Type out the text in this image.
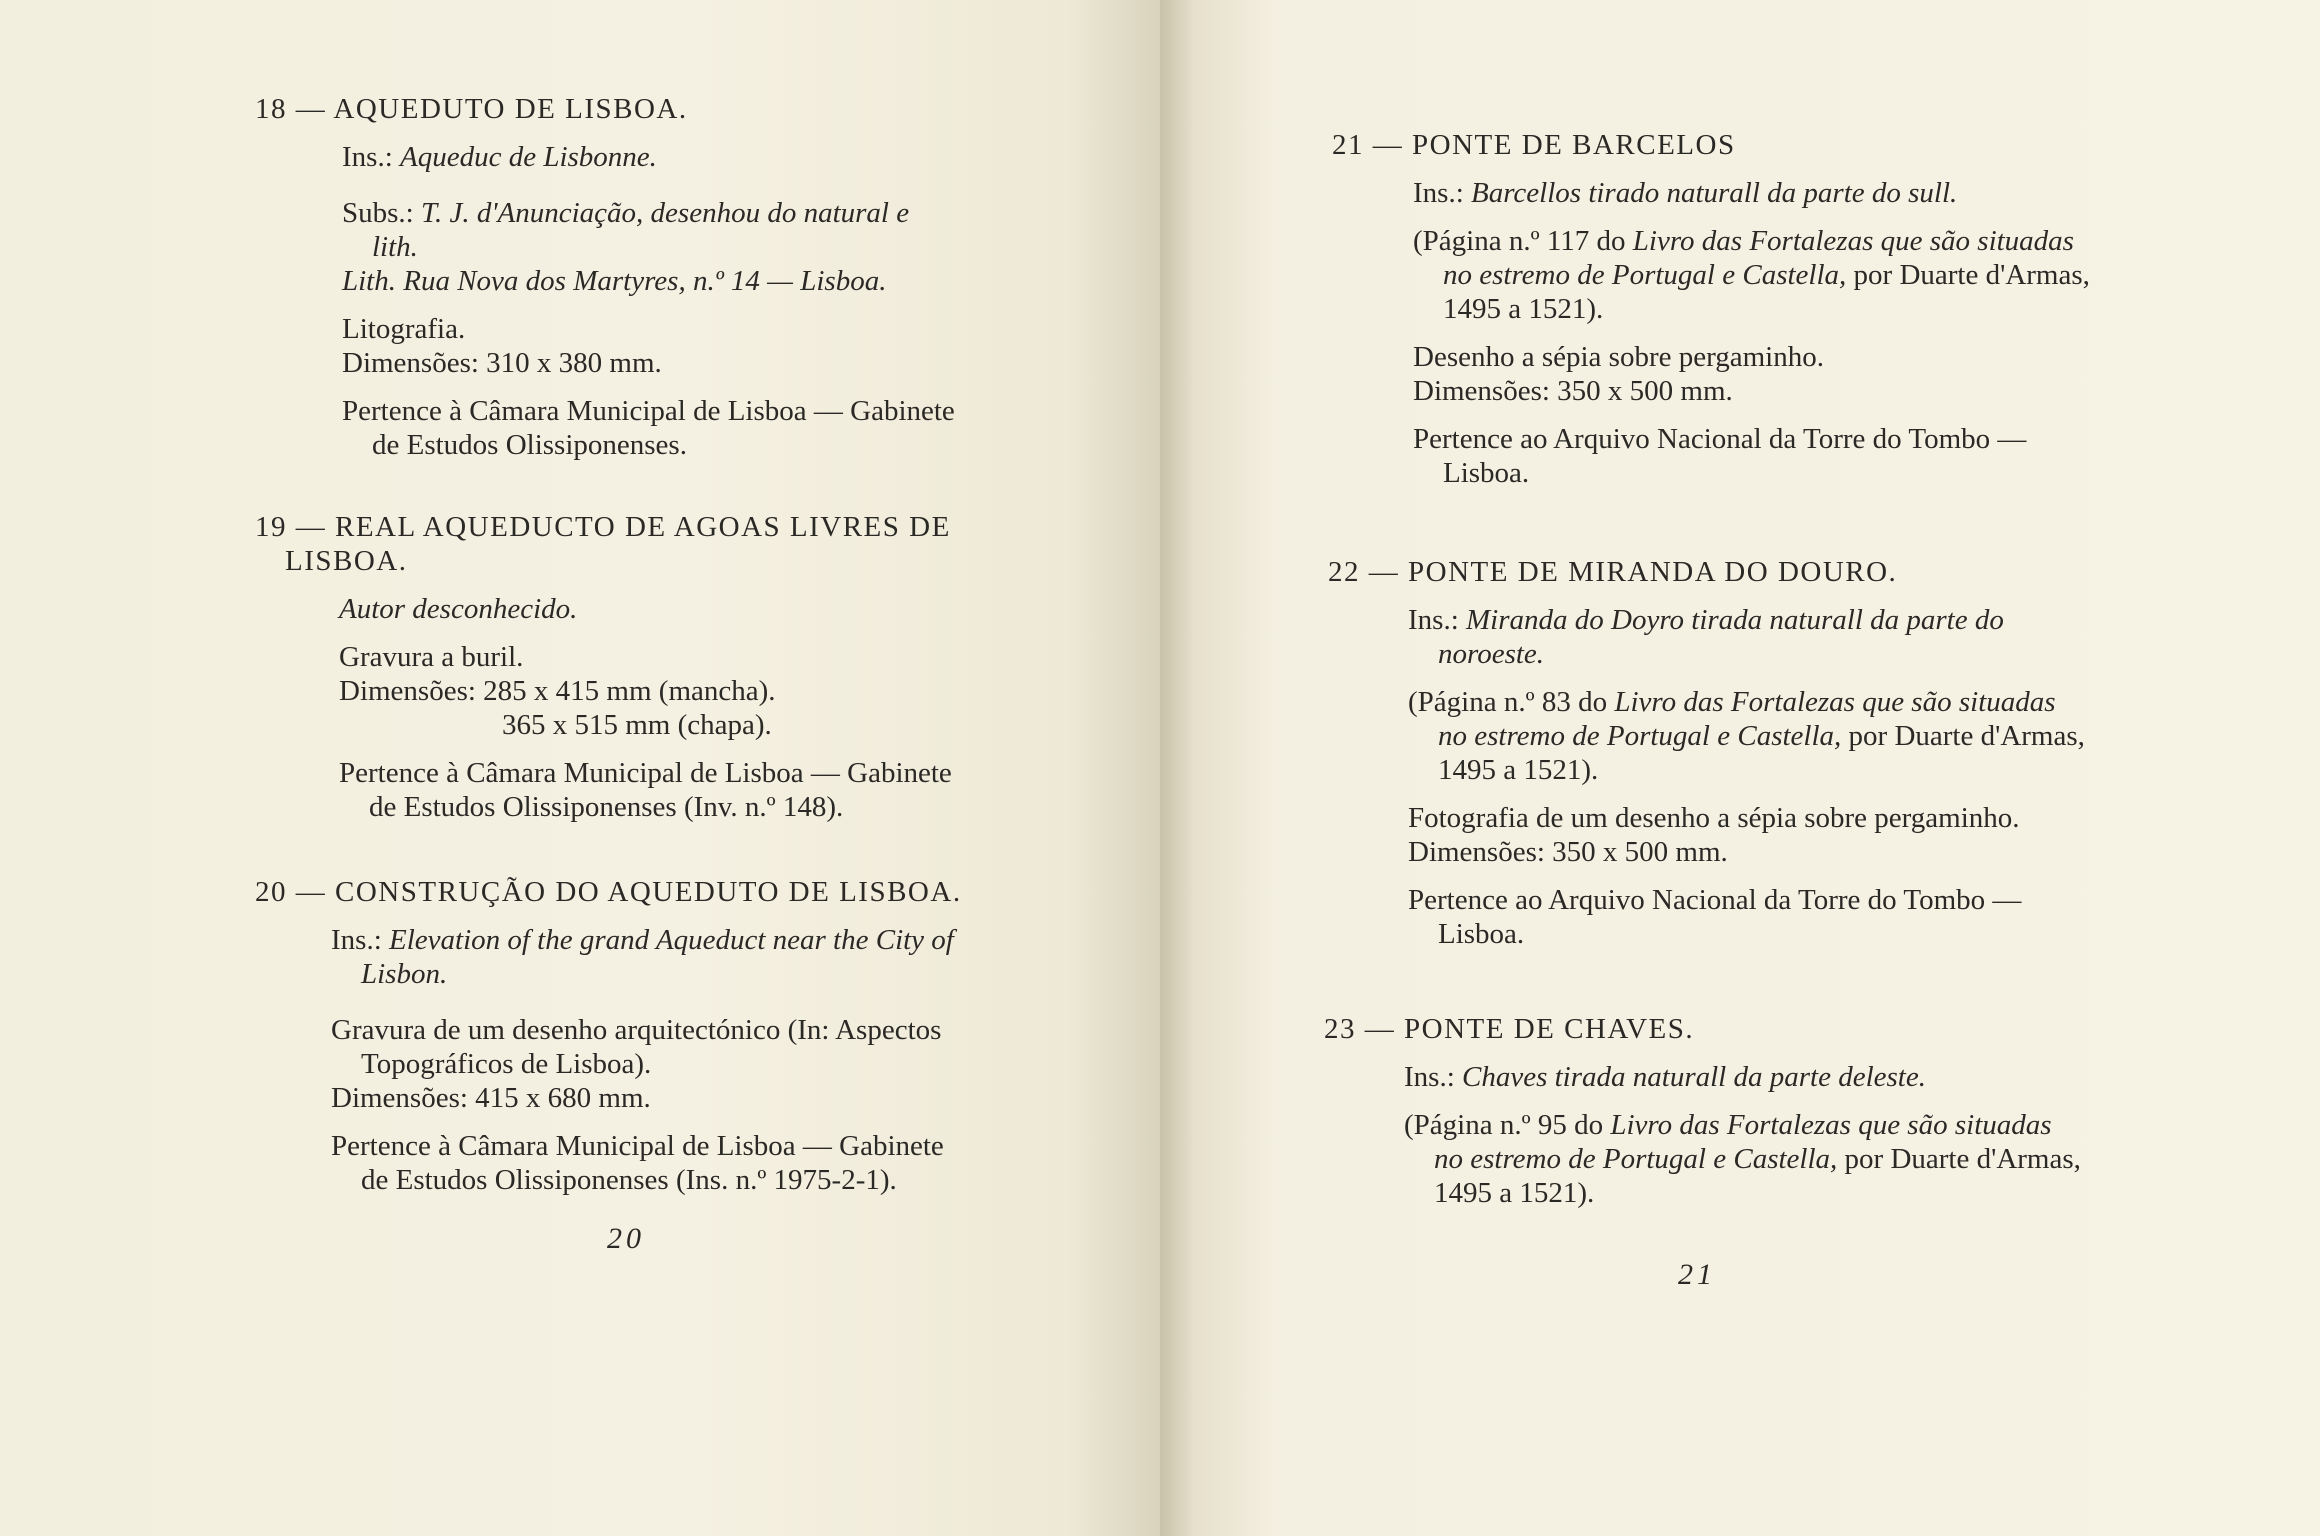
18 — AQUEDUTO DE LISBOA.

Ins.: Aqueduc de Lisbonne.

Subs.: T. J. d'Anunciação, desenhou do natural e lith.

Lith. Rua Nova dos Martyres, n.º 14 — Lisboa.

Litografia.

Dimensões: 310 x 380 mm.

Pertence à Câmara Municipal de Lisboa — Gabinete de Estudos Olissiponenses.

19 — REAL AQUEDUCTO DE AGOAS LIVRES DE LISBOA.

Autor desconhecido.

Gravura a buril.

Dimensões: 285 x 415 mm (mancha).

365 x 515 mm (chapa).

Pertence à Câmara Municipal de Lisboa — Gabinete de Estudos Olissiponenses (Inv. n.º 148).

20 — CONSTRUÇÃO DO AQUEDUTO DE LISBOA.

Ins.: Elevation of the grand Aqueduct near the City of Lisbon.

Gravura de um desenho arquitectónico (In: Aspectos Topográficos de Lisboa).

Dimensões: 415 x 680 mm.

Pertence à Câmara Municipal de Lisboa — Gabinete de Estudos Olissiponenses (Ins. n.º 1975-2-1).

20

21 — PONTE DE BARCELOS

Ins.: Barcellos tirado naturall da parte do sull.

(Página n.º 117 do Livro das Fortalezas que são situadas no estremo de Portugal e Castella, por Duarte d'Armas, 1495 a 1521).

Desenho a sépia sobre pergaminho.

Dimensões: 350 x 500 mm.

Pertence ao Arquivo Nacional da Torre do Tombo — Lisboa.

22 — PONTE DE MIRANDA DO DOURO.

Ins.: Miranda do Doyro tirada naturall da parte do noroeste.

(Página n.º 83 do Livro das Fortalezas que são situadas no estremo de Portugal e Castella, por Duarte d'Armas, 1495 a 1521).

Fotografia de um desenho a sépia sobre pergaminho.

Dimensões: 350 x 500 mm.

Pertence ao Arquivo Nacional da Torre do Tombo — Lisboa.

23 — PONTE DE CHAVES.

Ins.: Chaves tirada naturall da parte deleste.

(Página n.º 95 do Livro das Fortalezas que são situadas no estremo de Portugal e Castella, por Duarte d'Armas, 1495 a 1521).

21
